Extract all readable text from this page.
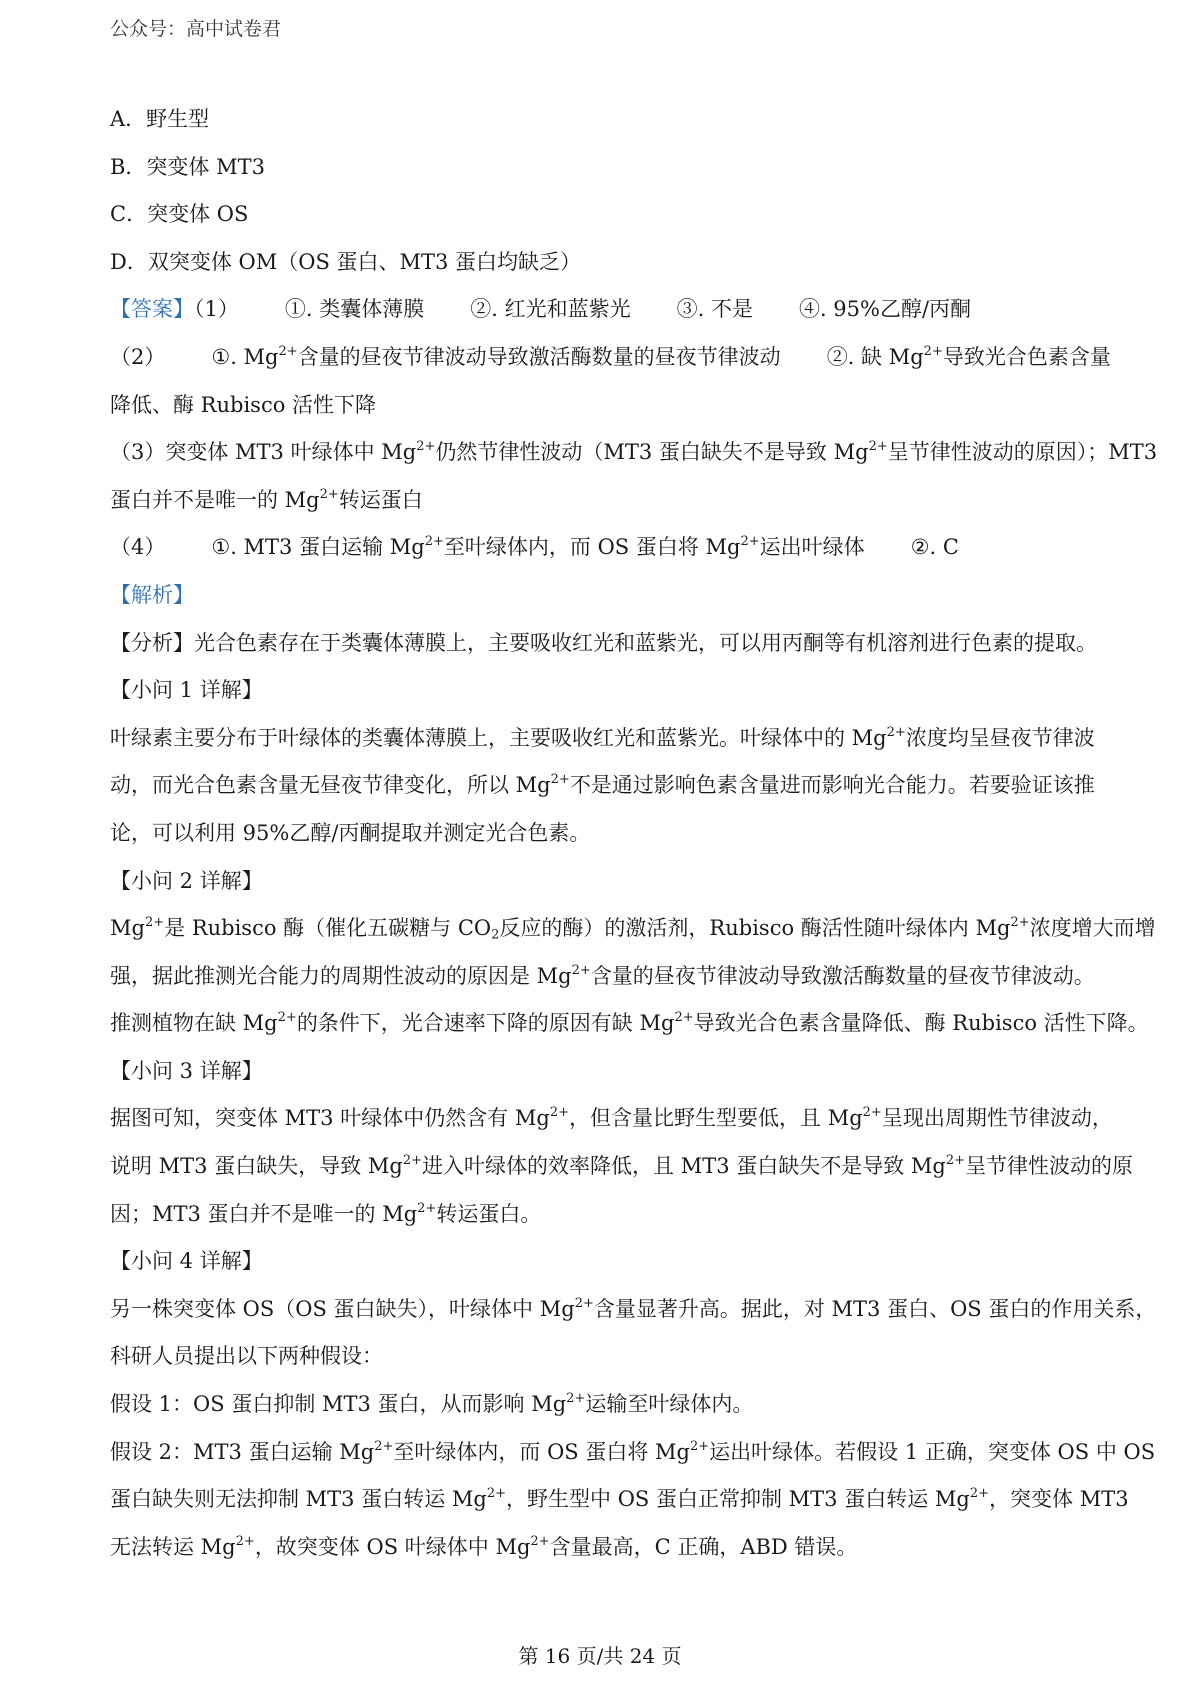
公众号：高中试卷君
A．野生型
B．突变体 MT3
C．突变体 OS
D．双突变体 OM（OS 蛋白、MT3 蛋白均缺乏）
【答案】（1） ①. 类囊体薄膜 ②. 红光和蓝紫光 ③. 不是 ④. 95%乙醇/丙酮
（2） ①. $Mg^{2+}$含量的昼夜节律波动导致激活酶数量的昼夜节律波动 ②. 缺 $Mg^{2+}$导致光合色素含量
降低、酶 Rubisco 活性下降
（3）突变体 MT3 叶绿体中 $Mg^{2+}$仍然节律性波动（MT3 蛋白缺失不是导致 $Mg^{2+}$呈节律性波动的原因）；MT3
蛋白并不是唯一的 $Mg^{2+}$转运蛋白
（4） ①. MT3 蛋白运输 $Mg^{2+}$至叶绿体内，而 OS 蛋白将 $Mg^{2+}$运出叶绿体 ②. C
【解析】
【分析】光合色素存在于类囊体薄膜上，主要吸收红光和蓝紫光，可以用丙酮等有机溶剂进行色素的提取。
【小问 1 详解】
叶绿素主要分布于叶绿体的类囊体薄膜上，主要吸收红光和蓝紫光。叶绿体中的 $Mg^{2+}$浓度均呈昼夜节律波
动，而光合色素含量无昼夜节律变化，所以 $Mg^{2+}$不是通过影响色素含量进而影响光合能力。若要验证该推
论，可以利用 95%乙醇/丙酮提取并测定光合色素。
【小问 2 详解】
$Mg^{2+}$是 Rubisco 酶（催化五碳糖与 $CO_2$反应的酶）的激活剂，Rubisco 酶活性随叶绿体内 $Mg^{2+}$浓度增大而增
强，据此推测光合能力的周期性波动的原因是 $Mg^{2+}$含量的昼夜节律波动导致激活酶数量的昼夜节律波动。
推测植物在缺 $Mg^{2+}$的条件下，光合速率下降的原因有缺 $Mg^{2+}$导致光合色素含量降低、酶 Rubisco 活性下降。
【小问 3 详解】
据图可知，突变体 MT3 叶绿体中仍然含有 $Mg^{2+}$，但含量比野生型要低，且 $Mg^{2+}$呈现出周期性节律波动，
说明 MT3 蛋白缺失，导致 $Mg^{2+}$进入叶绿体的效率降低，且 MT3 蛋白缺失不是导致 $Mg^{2+}$呈节律性波动的原
因；MT3 蛋白并不是唯一的 $Mg^{2+}$转运蛋白。
【小问 4 详解】
另一株突变体 OS（OS 蛋白缺失），叶绿体中 $Mg^{2+}$含量显著升高。据此，对 MT3 蛋白、OS 蛋白的作用关系，
科研人员提出以下两种假设：
假设 1：OS 蛋白抑制 MT3 蛋白，从而影响 $Mg^{2+}$运输至叶绿体内。
假设 2：MT3 蛋白运输 $Mg^{2+}$至叶绿体内，而 OS 蛋白将 $Mg^{2+}$运出叶绿体。若假设 1 正确，突变体 OS 中 OS
蛋白缺失则无法抑制 MT3 蛋白转运 $Mg^{2+}$，野生型中 OS 蛋白正常抑制 MT3 蛋白转运 $Mg^{2+}$，突变体 MT3
无法转运 $Mg^{2+}$，故突变体 OS 叶绿体中 $Mg^{2+}$含量最高，C 正确，ABD 错误。
第 16 页/共 24 页
